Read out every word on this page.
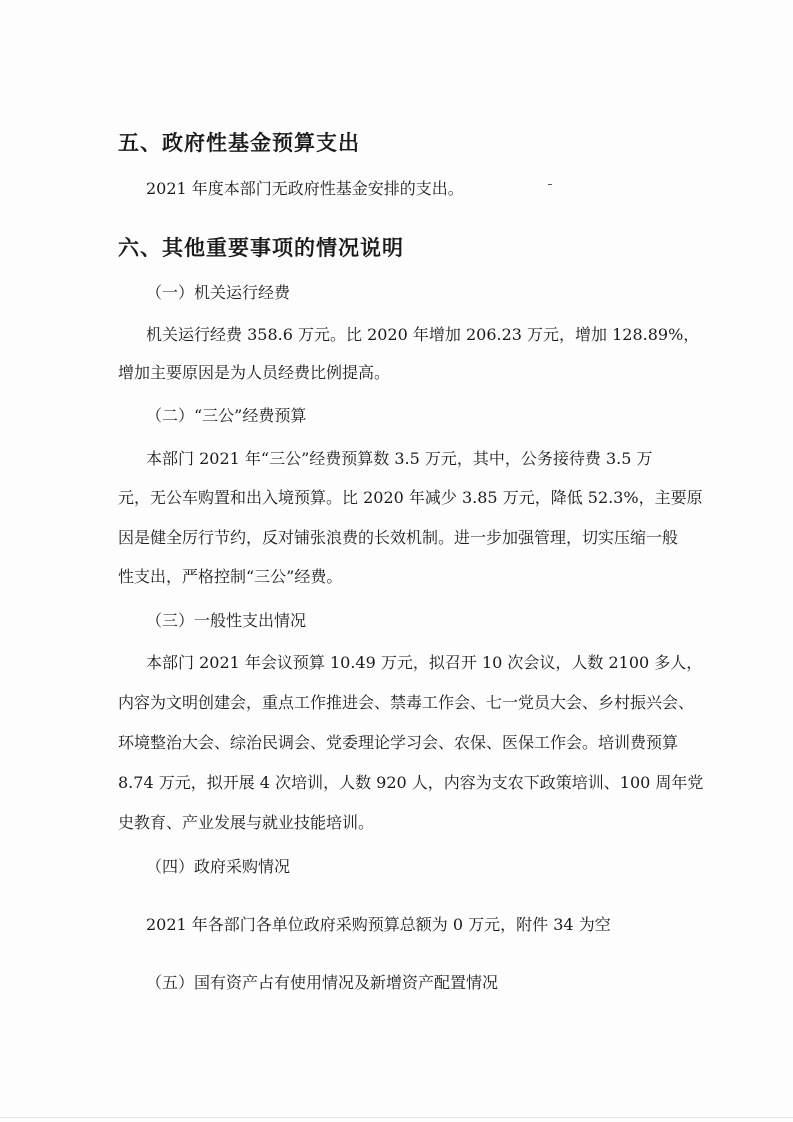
五、政府性基金预算支出
2021 年度本部门无政府性基金安排的支出。
六、其他重要事项的情况说明
（一）机关运行经费
机关运行经费 358.6 万元。比 2020 年增加 206.23 万元，增加 128.89%，
增加主要原因是为人员经费比例提高。
（二）“三公”经费预算
本部门 2021 年“三公”经费预算数 3.5 万元，其中，公务接待费 3.5 万
元，无公车购置和出入境预算。比 2020 年减少 3.85 万元，降低 52.3%，主要原
因是健全厉行节约，反对铺张浪费的长效机制。进一步加强管理，切实压缩一般
性支出，严格控制“三公”经费。
（三）一般性支出情况
本部门 2021 年会议预算 10.49 万元，拟召开 10 次会议，人数 2100 多人，
内容为文明创建会，重点工作推进会、禁毒工作会、七一党员大会、乡村振兴会、
环境整治大会、综治民调会、党委理论学习会、农保、医保工作会。培训费预算
8.74 万元，拟开展 4 次培训，人数 920 人，内容为支农下政策培训、100 周年党
史教育、产业发展与就业技能培训。
（四）政府采购情况
2021 年各部门各单位政府采购预算总额为 0 万元，附件 34 为空
（五）国有资产占有使用情况及新增资产配置情况
